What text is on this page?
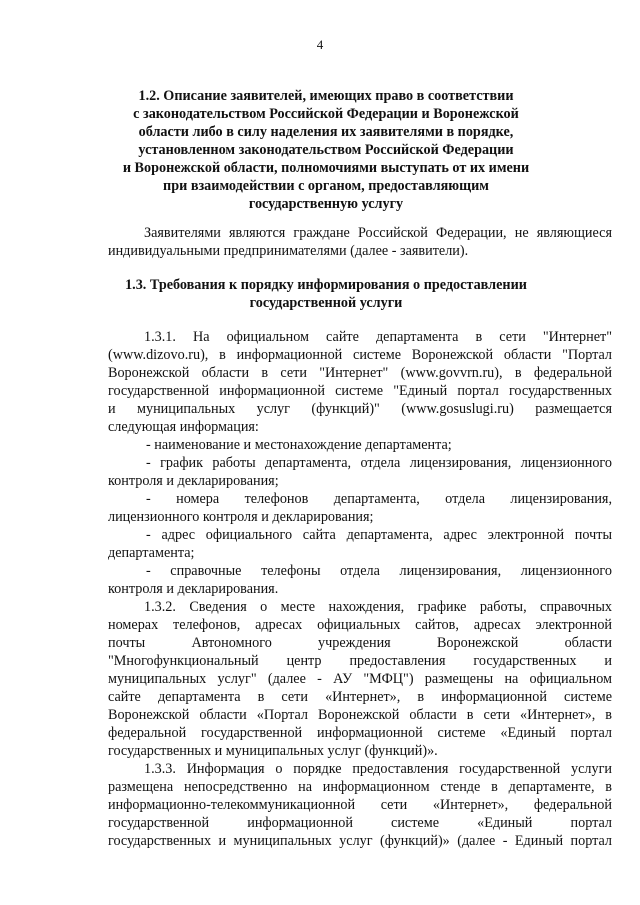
4
1.2. Описание заявителей, имеющих право в соответствии
с законодательством Российской Федерации и Воронежской
области либо в силу наделения их заявителями в порядке,
установленном законодательством Российской Федерации
и Воронежской области, полномочиями выступать от их имени
при взаимодействии с органом, предоставляющим
государственную услугу
Заявителями являются граждане Российской Федерации, не являющиеся
индивидуальными предпринимателями (далее - заявители).
1.3. Требования к порядку информирования о предоставлении
государственной услуги
1.3.1. На официальном сайте департамента в сети "Интернет"
(www.dizovo.ru), в информационной системе Воронежской области "Портал
Воронежской области в сети "Интернет" (www.govvrn.ru), в федеральной
государственной информационной системе "Единый портал государственных
и муниципальных услуг (функций)" (www.gosuslugi.ru) размещается
следующая информация:
- наименование и местонахождение департамента;
- график работы департамента, отдела лицензирования, лицензионного
контроля и декларирования;
- номера телефонов департамента, отдела лицензирования,
лицензионного контроля и декларирования;
- адрес официального сайта департамента, адрес электронной почты
департамента;
- справочные телефоны отдела лицензирования, лицензионного
контроля и декларирования.
1.3.2. Сведения о месте нахождения, графике работы, справочных
номерах телефонов, адресах официальных сайтов, адресах электронной
почты Автономного учреждения Воронежской области
"Многофункциональный центр предоставления государственных и
муниципальных услуг" (далее - АУ "МФЦ") размещены на официальном
сайте департамента в сети «Интернет», в информационной системе
Воронежской области «Портал Воронежской области в сети «Интернет», в
федеральной государственной информационной системе «Единый портал
государственных и муниципальных услуг (функций)».
1.3.3. Информация о порядке предоставления государственной услуги
размещена непосредственно на информационном стенде в департаменте, в
информационно-телекоммуникационной сети «Интернет», федеральной
государственной информационной системе «Единый портал
государственных и муниципальных услуг (функций)» (далее - Единый портал
